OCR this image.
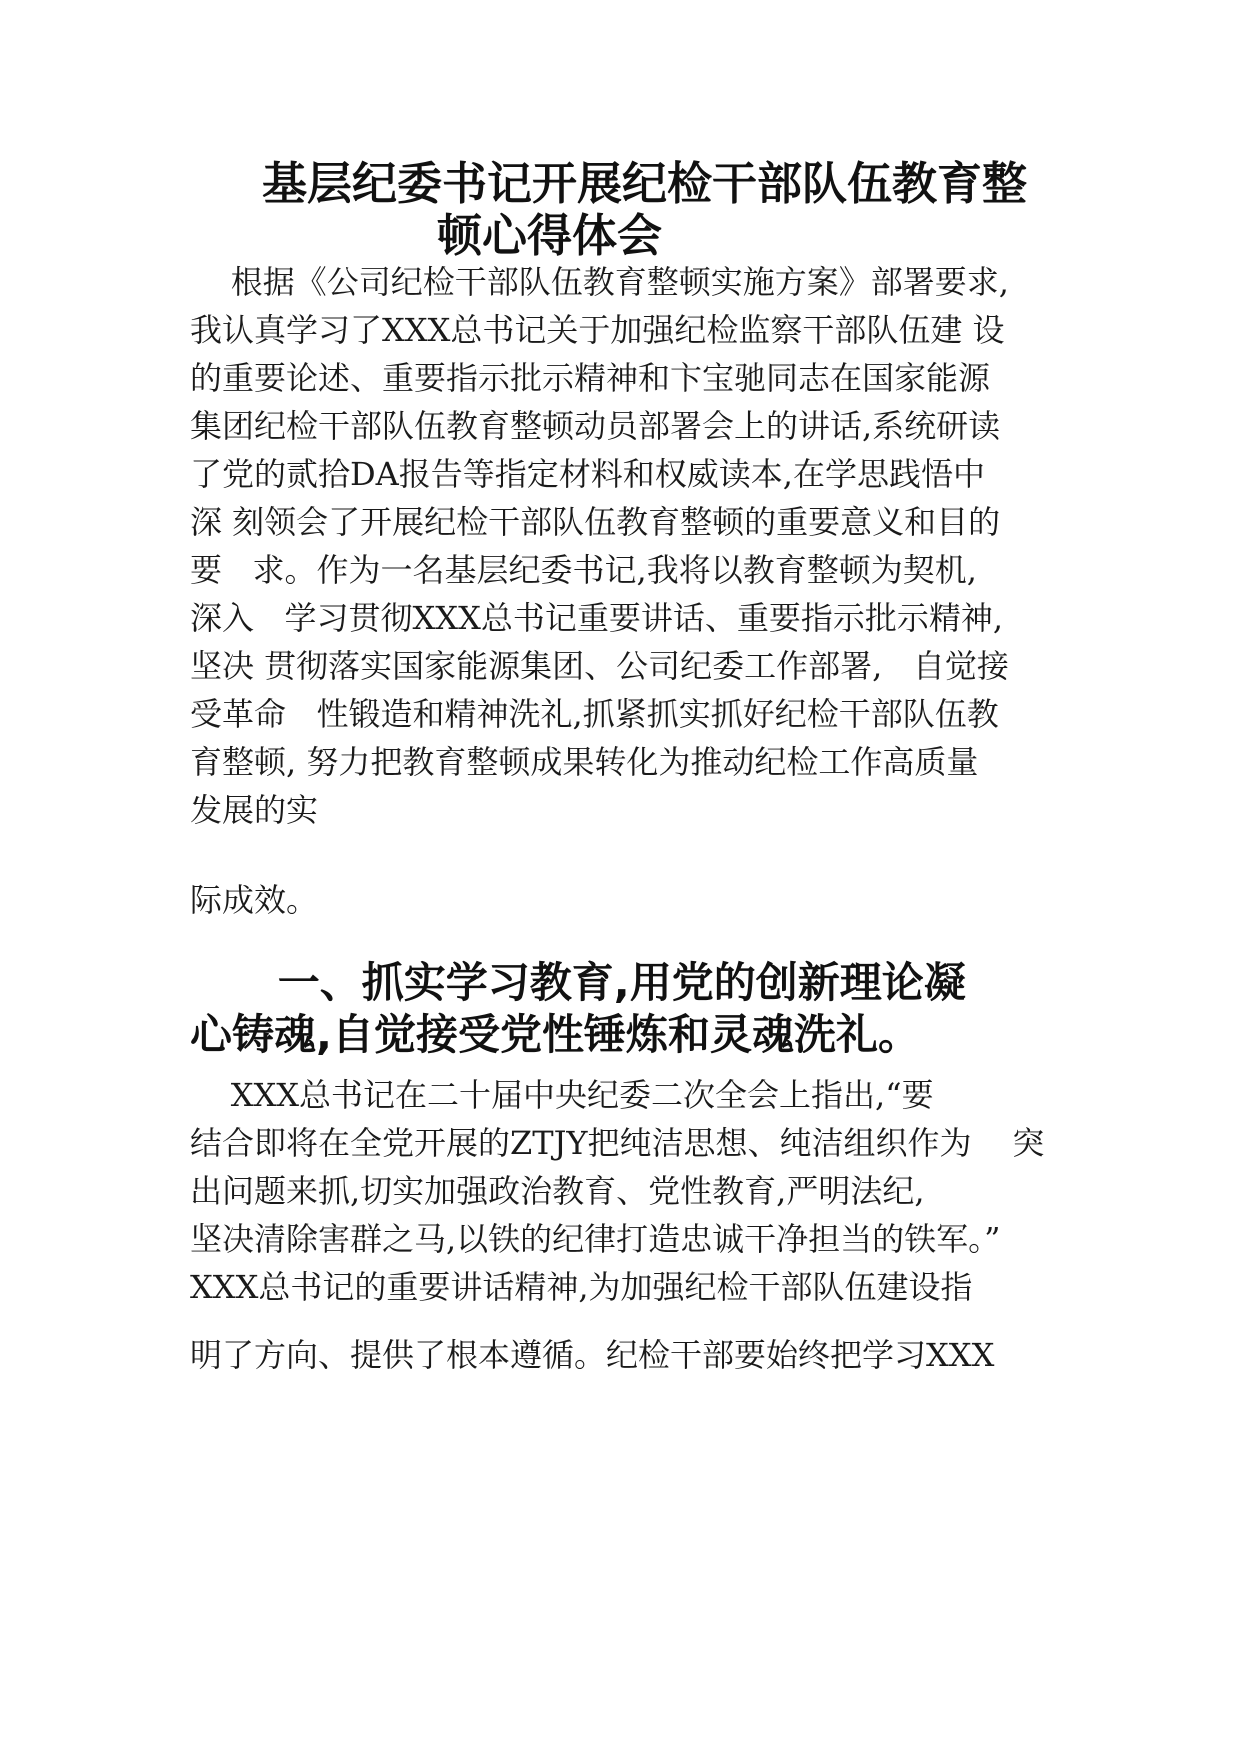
基层纪委书记开展纪检干部队伍教育整
顿心得体会

根据《公司纪检干部队伍教育整顿实施方案》部署要求,

我认真学习了XXX总书记关于加强纪检监察干部队伍建 设

的重要论述、重要指示批示精神和卞宝驰同志在国家能源

集团纪检干部队伍教育整顿动员部署会上的讲话,系统研读

了党的贰拾DA报告等指定材料和权威读本,在学思践悟中

深 刻领会了开展纪检干部队伍教育整顿的重要意义和目的

要   求。作为一名基层纪委书记,我将以教育整顿为契机,

深入   学习贯彻XXX总书记重要讲话、重要指示批示精神,

坚决 贯彻落实国家能源集团、公司纪委工作部署,   自觉接

受革命   性锻造和精神洗礼,抓紧抓实抓好纪检干部队伍教

育整顿, 努力把教育整顿成果转化为推动纪检工作高质量

发展的实

际成效。

一、抓实学习教育,用党的创新理论凝

心铸魂,自觉接受党性锤炼和灵魂洗礼。

XXX总书记在二十届中央纪委二次全会上指出,“要

结合即将在全党开展的ZTJY把纯洁思想、纯洁组织作为    突

出问题来抓,切实加强政治教育、党性教育,严明法纪,

坚决清除害群之马,以铁的纪律打造忠诚干净担当的铁军。”

XXX总书记的重要讲话精神,为加强纪检干部队伍建设指

明了方向、提供了根本遵循。纪检干部要始终把学习XXX
